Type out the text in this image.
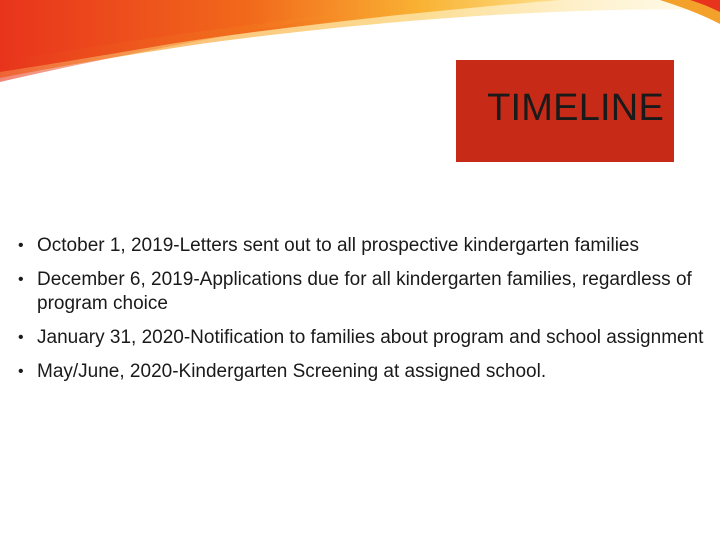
TIMELINE
• October 1, 2019-Letters sent out to all prospective kindergarten families
• December 6, 2019-Applications due for all kindergarten families, regardless of program choice
• January 31, 2020-Notification to families about program and school assignment
• May/June, 2020-Kindergarten Screening at assigned school.
